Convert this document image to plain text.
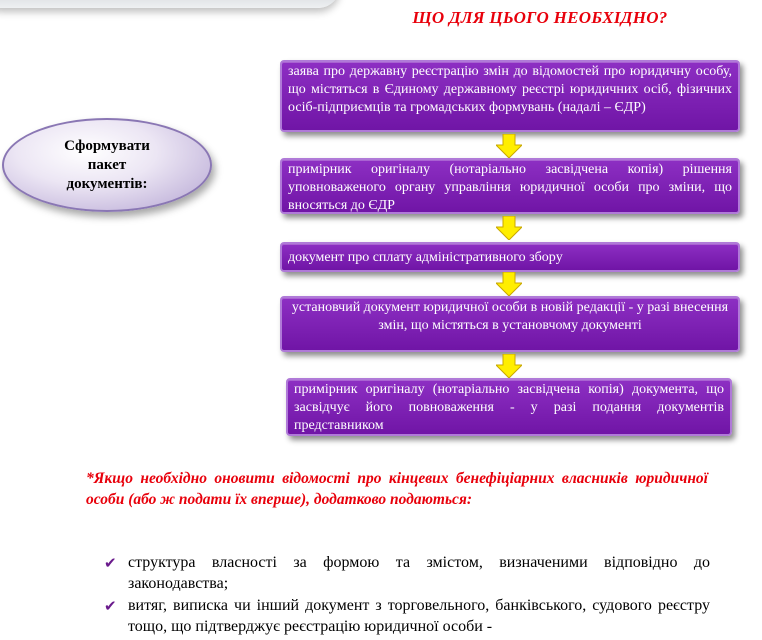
ЩО ДЛЯ ЦЬОГО НЕОБХІДНО?
Сформувати
пакет
документів:
заява про державну реєстрацію змін до відомостей про юридичну особу, що містяться в Єдиному державному реєстрі юридичних осіб, фізичних осіб-підприємців та громадських формувань (надалі – ЄДР)
примірник оригіналу (нотаріально засвідчена копія) рішення уповноваженого органу управління юридичної особи про зміни, що вносяться до ЄДР
документ про сплату адміністративного зборy
установчий документ юридичної особи в новій редакції - у разі внесення змін, що містяться в установчому документі
примірник оригіналу (нотаріально засвідчена копія) документа, що засвідчує його повноваження - у разі подання документів представником
*Якщо необхідно оновити відомості про кінцевих бенефіціарних власників юридичної особи (або ж подати їх вперше), додатково подаються:
✔ структура власності за формою та змістом, визначеними відповідно до законодавства;
✔ витяг, виписка чи інший документ з торговельного, банківського, судового реєстру тощо, що підтверджує реєстрацію юридичної особи -
